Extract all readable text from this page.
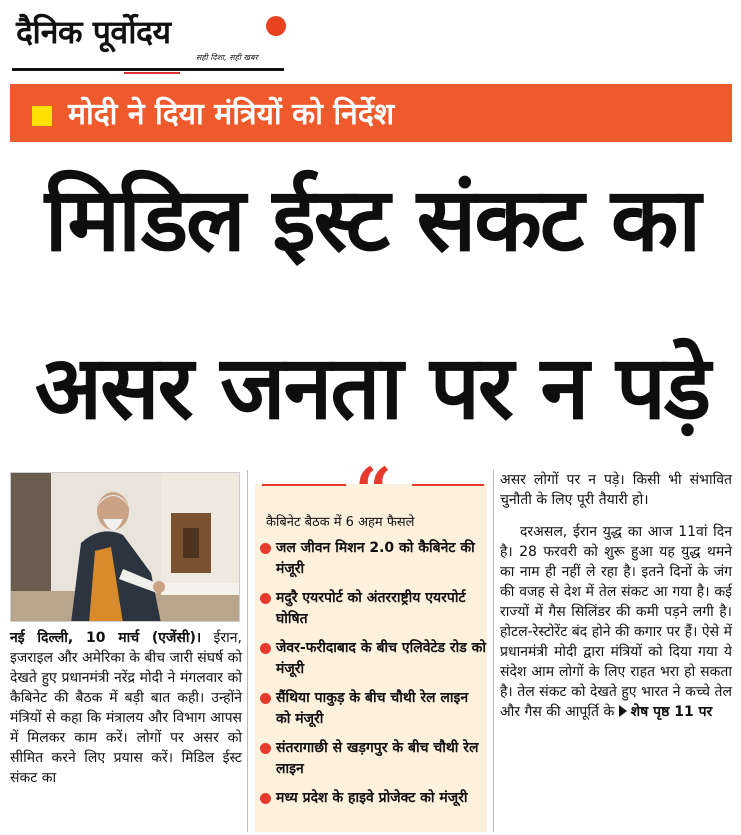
दैनिक पूर्वोदय
सही दिशा, सही खबर
मोदी ने दिया मंत्रियों को निर्देश
मिडिल ईस्ट संकट का
असर जनता पर न पड़े
नई दिल्ली, 10 मार्च (एजेंसी)। ईरान, इजराइल और अमेरिका के बीच जारी संघर्ष को देखते हुए प्रधानमंत्री नरेंद्र मोदी ने मंगलवार को कैबिनेट की बैठक में बड़ी बात कही। उन्होंने मंत्रियों से कहा कि मंत्रालय और विभाग आपस में मिलकर काम करें। लोगों पर असर को सीमित करने लिए प्रयास करें। मिडिल ईस्ट संकट का
“
कैबिनेट बैठक में 6 अहम फैसले
जल जीवन मिशन 2.0 को कैबिनेट की मंजूरी
मदुरै एयरपोर्ट को अंतरराष्ट्रीय एयरपोर्ट घोषित
जेवर-फरीदाबाद के बीच एलिवेटेड रोड को मंजूरी
सैंथिया पाकुड़ के बीच चौथी रेल लाइन को मंजूरी
संतरागाछी से खड़गपुर के बीच चौथी रेल लाइन
मध्य प्रदेश के हाइवे प्रोजेक्ट को मंजूरी

असर लोगों पर न पड़े। किसी भी संभावित चुनौती के लिए पूरी तैयारी हो।

दरअसल, ईरान युद्ध का आज 11वां दिन है। 28 फरवरी को शुरू हुआ यह युद्ध थमने का नाम ही नहीं ले रहा है। इतने दिनों के जंग की वजह से देश में तेल संकट आ गया है। कई राज्यों में गैस सिलिंडर की कमी पड़ने लगी है। होटल-रेस्टोरेंट बंद होने की कगार पर हैं। ऐसे में प्रधानमंत्री मोदी द्वारा मंत्रियों को दिया गया ये संदेश आम लोगों के लिए राहत भरा हो सकता है। तेल संकट को देखते हुए भारत ने कच्चे तेल और गैस की आपूर्ति के शेष पृष्ठ 11 पर
